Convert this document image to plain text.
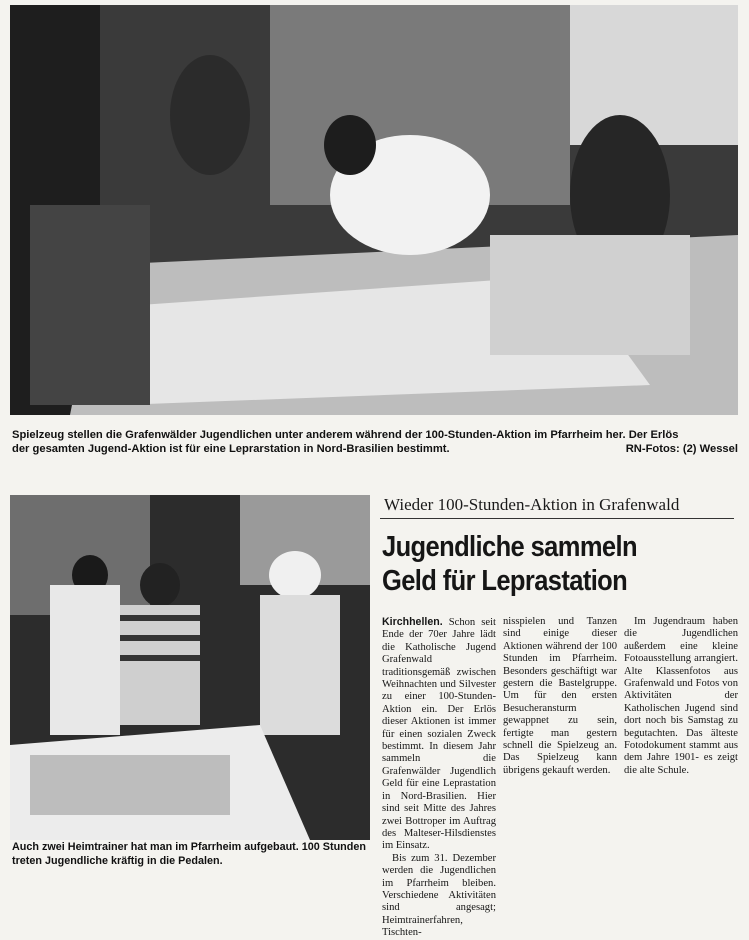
Spielzeug stellen die Grafenwälder Jugendlichen unter anderem während der 100-Stunden-Aktion im Pfarrheim her. Der Erlös
der gesamten Jugend-Aktion ist für eine Leprarstation in Nord-Brasilien bestimmt.	RN-Fotos: (2) Wessel
Auch zwei Heimtrainer hat man im Pfarrheim aufgebaut. 100 Stunden treten Jugendliche kräftig in die Pedalen.
Wieder 100-Stunden-Aktion in Grafenwald
Jugendliche sammeln
Geld für Leprastation

Kirchhellen. Schon seit Ende der 70er Jahre lädt die Katholische Jugend Grafenwald traditionsgemäß zwischen Weihnachten und Silvester zu einer 100-Stunden-Aktion ein. Der Erlös dieser Aktionen ist immer für einen sozialen Zweck bestimmt. In diesem Jahr sammeln die Grafenwälder Jugendlich Geld für eine Leprastation in Nord-Brasilien. Hier sind seit Mitte des Jahres zwei Bottroper im Auftrag des Malteser-Hilsdienstes im Einsatz.

Bis zum 31. Dezember werden die Jugendlichen im Pfarrheim bleiben. Verschiedene Aktivitäten sind angesagt; Heimtrainerfahren, Tischten-

nisspielen und Tanzen sind einige dieser Aktionen während der 100 Stunden im Pfarrheim. Besonders geschäftigt war gestern die Bastelgruppe. Um für den ersten Besucheransturm gewappnet zu sein, fertigte man gestern schnell die Spielzeug an. Das Spielzeug kann übrigens gekauft werden.

Im Jugendraum haben die Jugendlichen außerdem eine kleine Fotoausstellung arrangiert. Alte Klassenfotos aus Grafenwald und Fotos von Aktivitäten der Katholischen Jugend sind dort noch bis Samstag zu begutachten. Das älteste Fotodokument stammt aus dem Jahre 1901- es zeigt die alte Schule.
